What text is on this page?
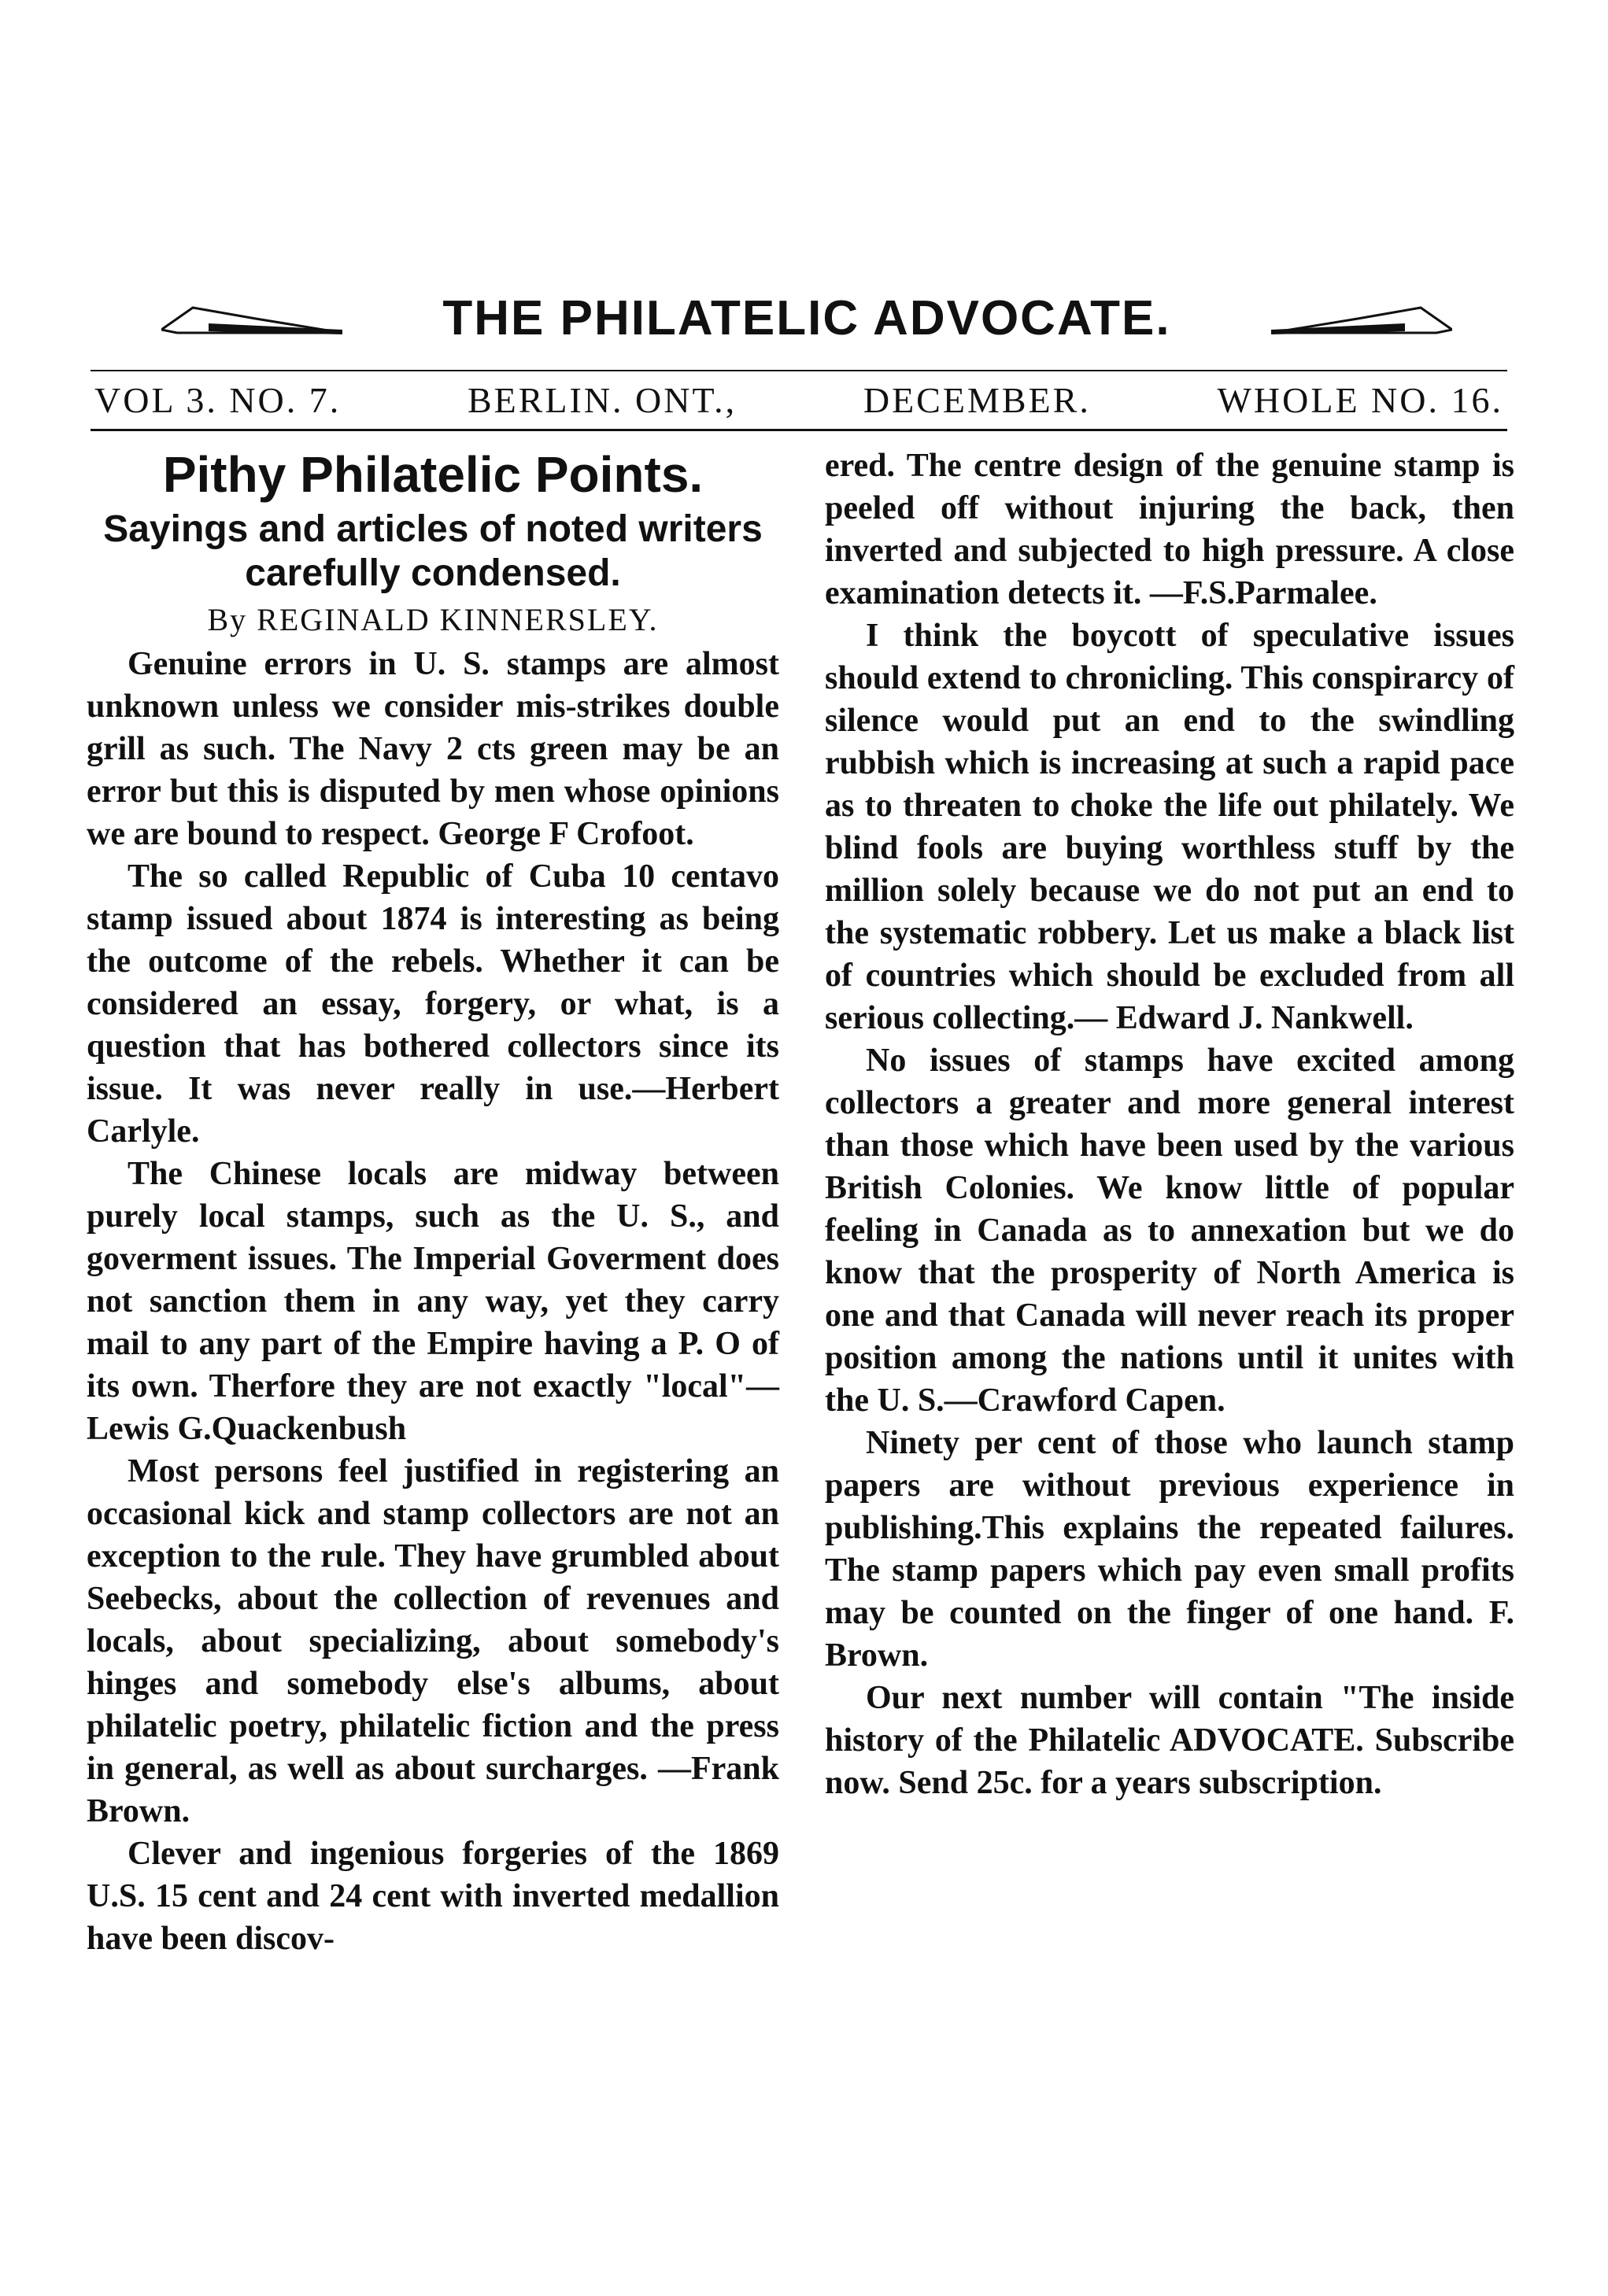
THE PHILATELIC ADVOCATE.
VOL 3. NO. 7.	BERLIN. ONT.,	DECEMBER.	WHOLE NO. 16.
Pithy Philatelic Points.
Sayings and articles of noted writers carefully condensed.
By REGINALD KINNERSLEY.

Genuine errors in U. S. stamps are almost unknown unless we consider mis-strikes double grill as such. The Navy 2 cts green may be an error but this is disputed by men whose opinions we are bound to respect. George F Crofoot.

The so called Republic of Cuba 10 centavo stamp issued about 1874 is interesting as being the outcome of the rebels. Whether it can be considered an essay, forgery, or what, is a question that has bothered collectors since its issue. It was never really in use.—Herbert Carlyle.

The Chinese locals are midway between purely local stamps, such as the U. S., and goverment issues. The Imperial Goverment does not sanction them in any way, yet they carry mail to any part of the Empire having a P. O of its own. Therfore they are not exactly "local"—Lewis G.Quackenbush

Most persons feel justified in registering an occasional kick and stamp collectors are not an exception to the rule. They have grumbled about Seebecks, about the collection of revenues and locals, about specializing, about somebody's hinges and somebody else's albums, about philatelic poetry, philatelic fiction and the press in general, as well as about surcharges. —Frank Brown.

Clever and ingenious forgeries of the 1869 U.S. 15 cent and 24 cent with inverted medallion have been discov-

ered. The centre design of the genuine stamp is peeled off without injuring the back, then inverted and subjected to high pressure. A close examination detects it. —F.S.Parmalee.

I think the boycott of speculative issues should extend to chronicling. This conspirarcy of silence would put an end to the swindling rubbish which is increasing at such a rapid pace as to threaten to choke the life out philately. We blind fools are buying worthless stuff by the million solely because we do not put an end to the systematic robbery. Let us make a black list of countries which should be excluded from all serious collecting.— Edward J. Nankwell.

No issues of stamps have excited among collectors a greater and more general interest than those which have been used by the various British Colonies. We know little of popular feeling in Canada as to annexation but we do know that the prosperity of North America is one and that Canada will never reach its proper position among the nations until it unites with the U. S.—Crawford Capen.

Ninety per cent of those who launch stamp papers are without previous experience in publishing.This explains the repeated failures. The stamp papers which pay even small profits may be counted on the finger of one hand. F. Brown.

Our next number will contain "The inside history of the Philatelic ADVOCATE. Subscribe now. Send 25c. for a years subscription.
